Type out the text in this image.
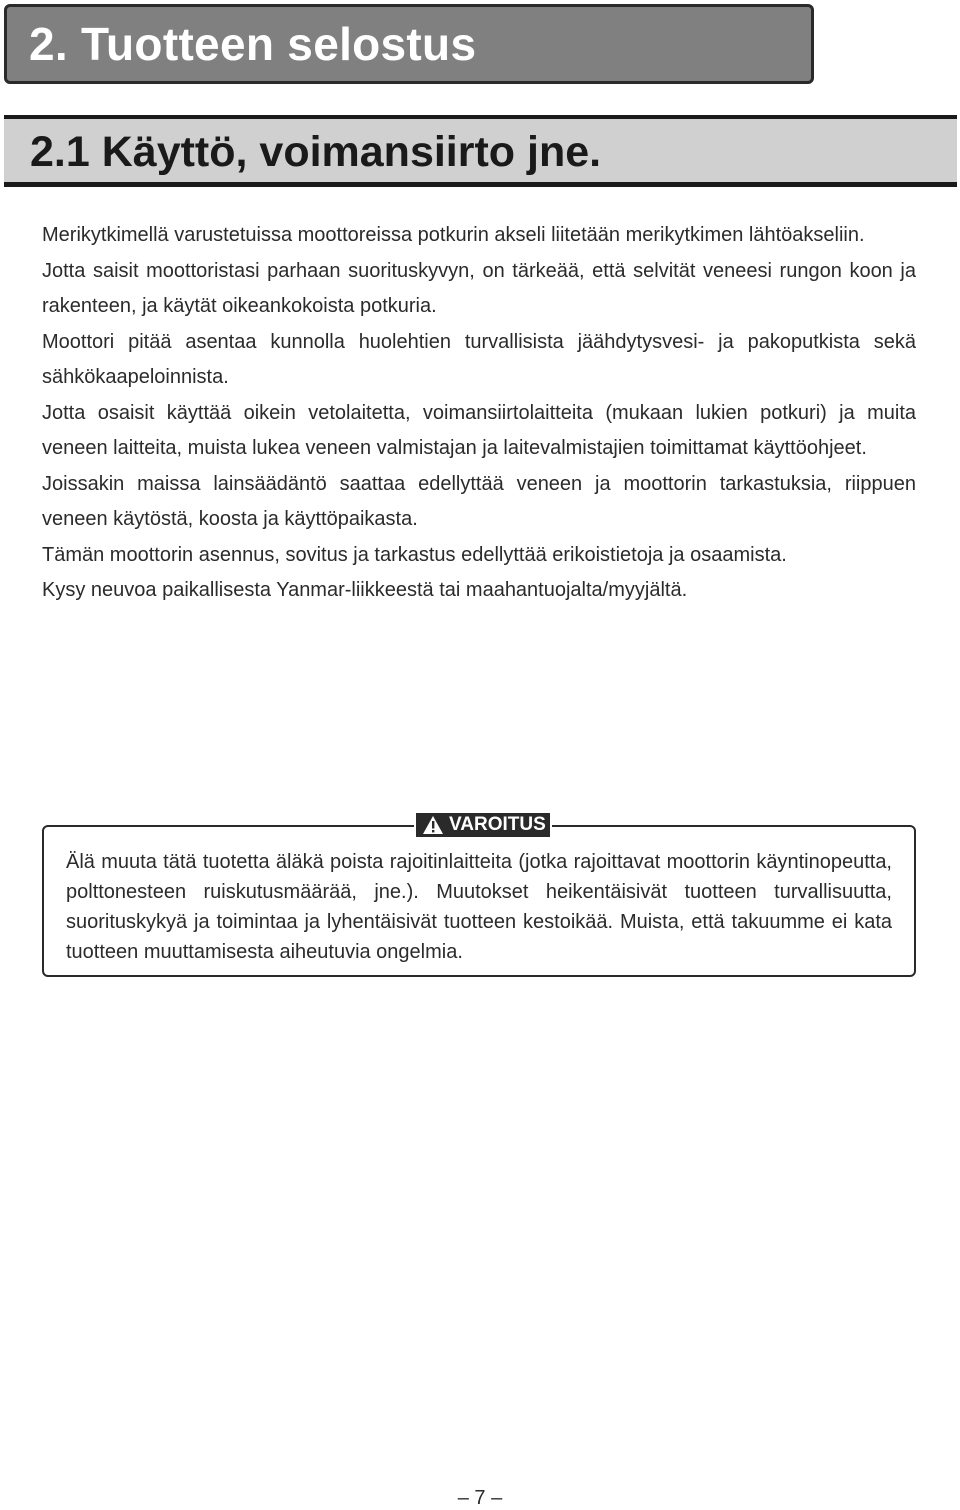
2. Tuotteen selostus
2.1 Käyttö, voimansiirto jne.

Merikytkimellä varustetuissa moottoreissa potkurin akseli liitetään merikytkimen lähtöakseliin.

Jotta saisit moottoristasi parhaan suorituskyvyn, on tärkeää, että selvität veneesi rungon koon ja rakenteen, ja käytät oikeankokoista potkuria.

Moottori pitää asentaa kunnolla huolehtien turvallisista jäähdytysvesi- ja pakoputkista sekä sähkökaapeloinnista.

Jotta osaisit käyttää oikein vetolaitetta, voimansiirtolaitteita (mukaan lukien potkuri) ja muita veneen laitteita, muista lukea veneen valmistajan ja laitevalmistajien toimittamat käyttöohjeet.

Joissakin maissa lainsäädäntö saattaa edellyttää veneen ja moottorin tarkastuksia, riippuen veneen käytöstä, koosta ja käyttöpaikasta.

Tämän moottorin asennus, sovitus ja tarkastus edellyttää erikoistietoja ja osaamista.

Kysy neuvoa paikallisesta Yanmar-liikkeestä tai maahantuojalta/myyjältä.

VAROITUS

Älä muuta tätä tuotetta äläkä poista rajoitinlaitteita (jotka rajoittavat moottorin käyntinopeutta, polttonesteen ruiskutusmäärää, jne.). Muutokset heikentäisivät tuotteen turvallisuutta, suorituskykyä ja toimintaa ja lyhentäisivät tuotteen kestoikää. Muista, että takuumme ei kata tuotteen muuttamisesta aiheutuvia ongelmia.

– 7 –
